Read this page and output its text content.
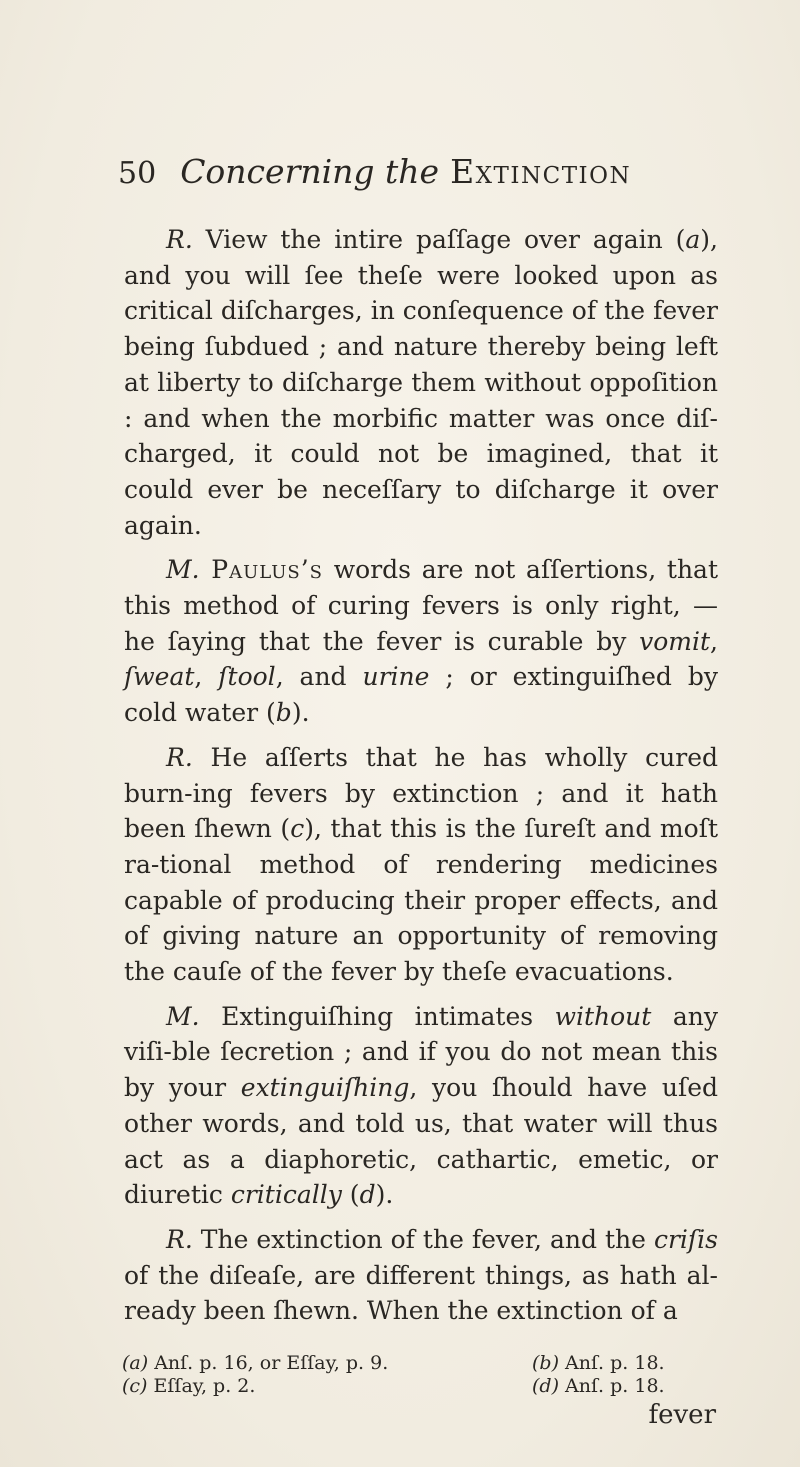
50 Concerning the Extinction

R. View the intire paſſage over again (a), and you will ſee theſe were looked upon as critical diſcharges, in conſequence of the fever being ſubdued ; and nature thereby being left at liberty to diſcharge them without oppoſition : and when the morbific matter was once diſ-charged, it could not be imagined, that it could ever be neceſſary to diſcharge it over again.

M. Paulus’s words are not aſſertions, that this method of curing fevers is only right, — he ſaying that the fever is curable by vomit, ſweat, ſtool, and urine ; or extinguiſhed by cold water (b).

R. He aſſerts that he has wholly cured burn-ing fevers by extinction ; and it hath been ſhewn (c), that this is the ſureſt and moſt ra-tional method of rendering medicines capable of producing their proper effects, and of giving nature an opportunity of removing the cauſe of the fever by theſe evacuations.

M. Extinguiſhing intimates without any viſi-ble ſecretion ; and if you do not mean this by your extinguiſhing, you ſhould have uſed other words, and told us, that water will thus act as a diaphoretic, cathartic, emetic, or diuretic critically (d).

R. The extinction of the fever, and the criſis of the diſeaſe, are different things, as hath al-ready been ſhewn. When the extinction of a

(a) Anſ. p. 16, or Eſſay, p. 9.	(b) Anſ. p. 18.
(c) Eſſay, p. 2.	(d) Anſ. p. 18.
fever
